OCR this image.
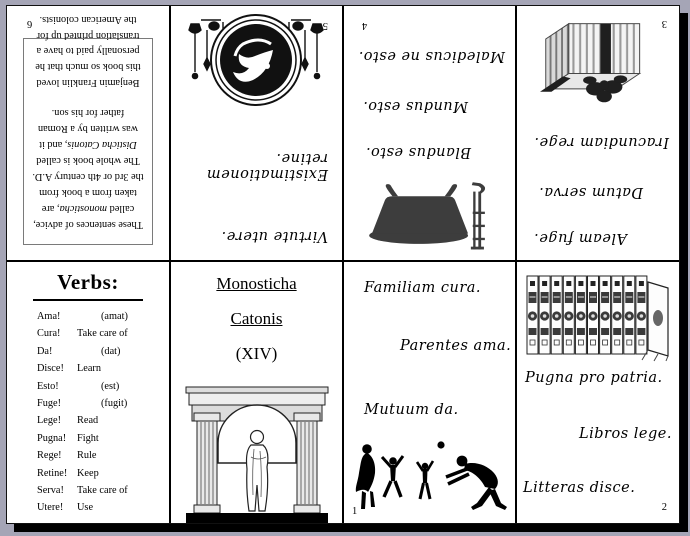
These sentences of advice, called monosticha, are taken from a book from the 3rd or 4th century A.D. The whole book is called Disticha Catonis, and it was written by a Roman father for his son.

Benjamin Franklin loved this book so much that he personally paid to have a translation printed up for the American colonists.

6	5
Virtute utere.
Existimationem retine.
4
Blandus esto.
Mundus esto.
Maledicus ne esto.
3
Aleam fuge.
Datum serva.
Iracundiam rege.
Verbs:
Ama!	(amat)
Cura!	Take care of
Da!	(dat)
Disce!	Learn
Esto!	(est)
Fuge!	(fugit)
Lege!	Read
Pugna!	Fight
Rege!	Rule
Retine! Keep
Serva!	Take care of
Utere!	Use
Monosticha
Catonis
(XIV)
1
Familiam cura.
Parentes ama.
Mutuum da.
2
Pugna pro patria.
Libros lege.
Litteras disce.
